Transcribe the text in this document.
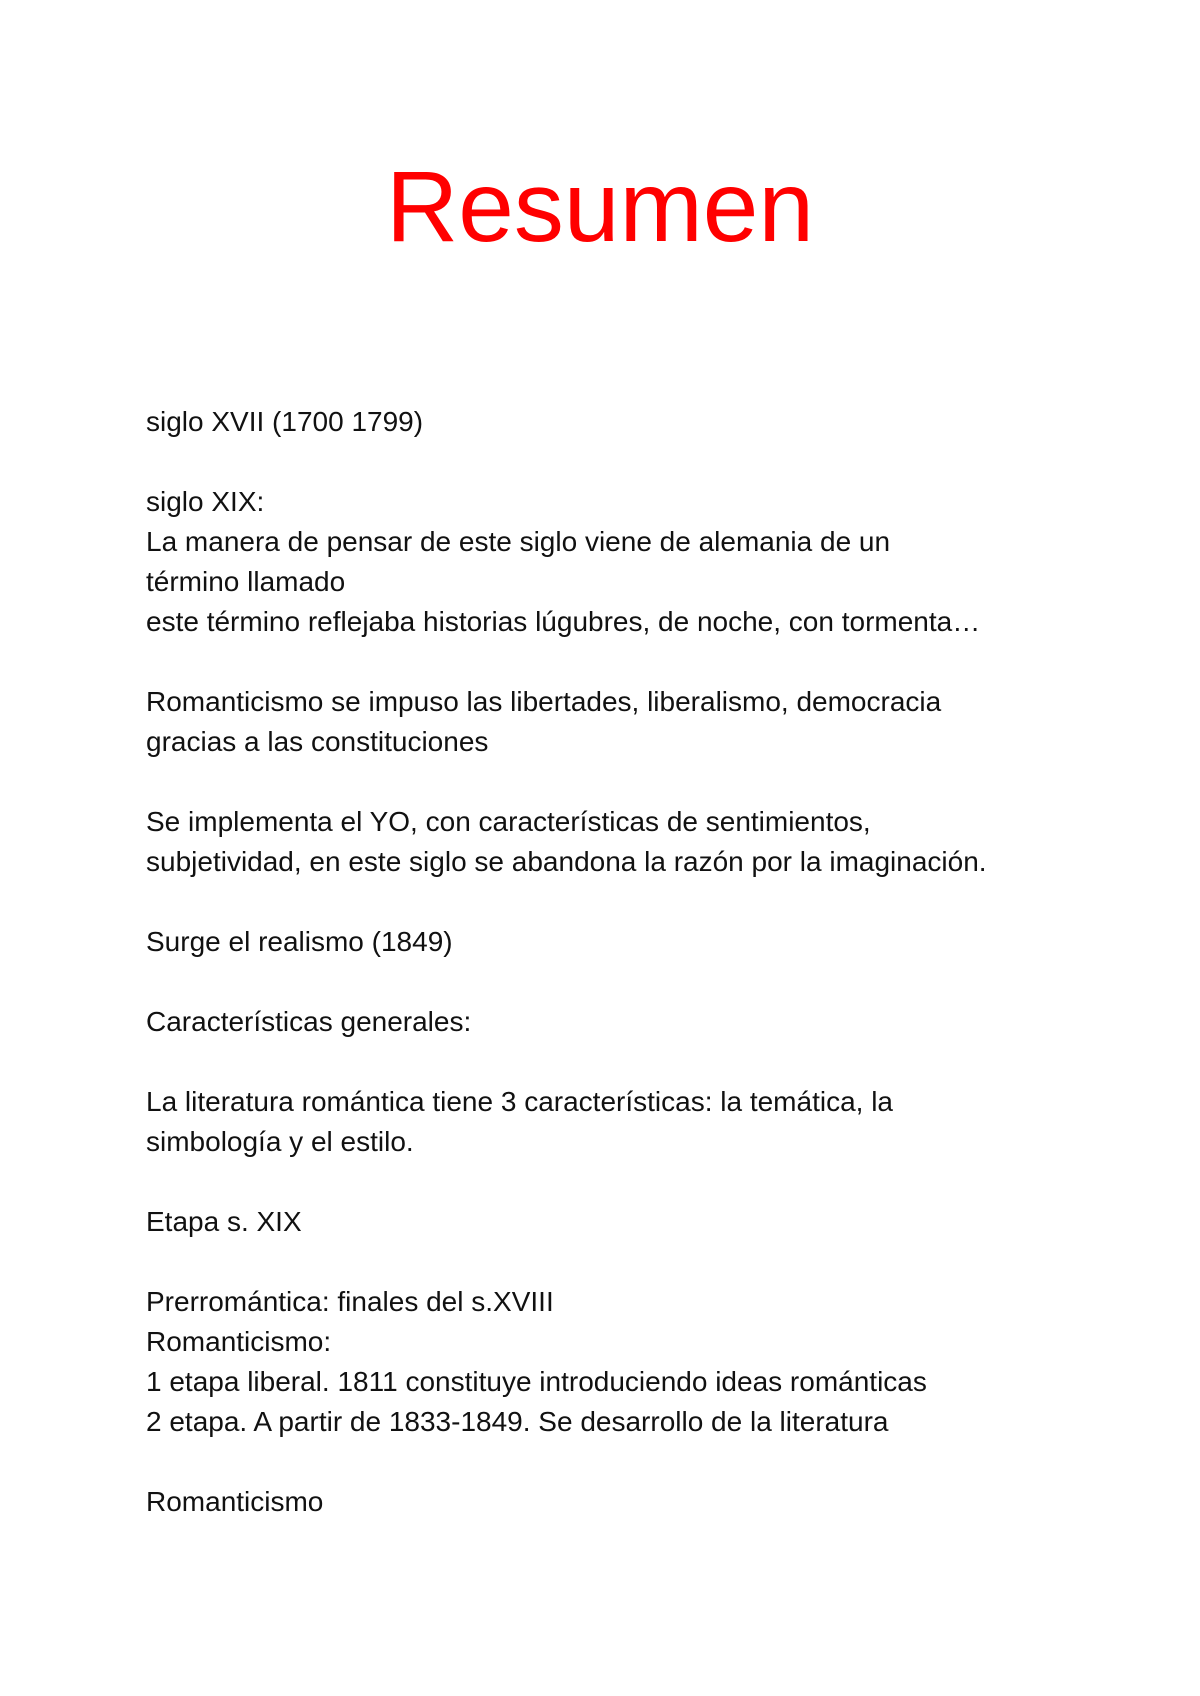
Resumen
siglo XVII (1700 1799)
siglo XIX:
La manera de pensar de este siglo viene de alemania de un
término llamado
este término reflejaba historias lúgubres, de noche, con tormenta…
Romanticismo se impuso las libertades, liberalismo, democracia
gracias a las constituciones
Se implementa el YO, con características de sentimientos,
subjetividad, en este siglo se abandona la razón por la imaginación.
Surge el realismo (1849)
Características generales:
La literatura romántica tiene 3 características: la temática, la
simbología y el estilo.
Etapa s. XIX
Prerromántica: finales del s.XVIII
Romanticismo:
1 etapa liberal. 1811 constituye introduciendo ideas románticas
2 etapa. A partir de 1833-1849. Se desarrollo de la literatura
Romanticismo
